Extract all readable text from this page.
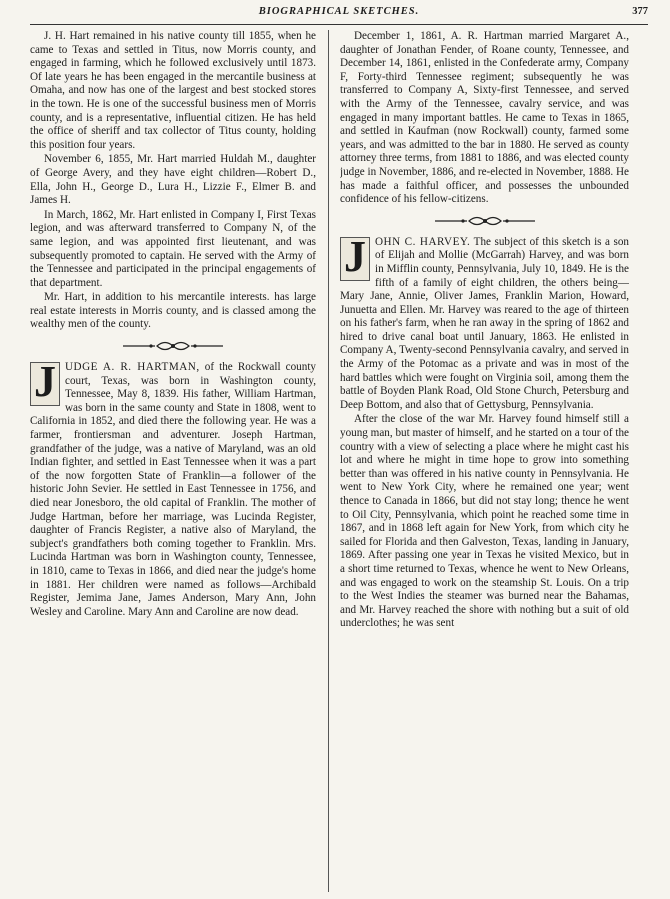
BIOGRAPHICAL SKETCHES.	377

J. H. Hart remained in his native county till 1855, when he came to Texas and settled in Titus, now Morris county, and engaged in farming, which he followed exclusively until 1873. Of late years he has been engaged in the mercantile business at Omaha, and now has one of the largest and best stocked stores in the town. He is one of the successful business men of Morris county, and is a representative, influential citizen. He has held the office of sheriff and tax collector of Titus county, holding this position four years.

November 6, 1855, Mr. Hart married Huldah M., daughter of George Avery, and they have eight children—Robert D., Ella, John H., George D., Lura H., Lizzie F., Elmer B. and James H.

In March, 1862, Mr. Hart enlisted in Company I, First Texas legion, and was afterward transferred to Company N, of the same legion, and was appointed first lieutenant, and was subsequently promoted to captain. He served with the Army of the Tennessee and participated in the principal engagements of that department.

Mr. Hart, in addition to his mercantile interests. has large real estate interests in Morris county, and is classed among the wealthy men of the county.

J UDGE A. R. HARTMAN, of the Rockwall county court, Texas, was born in Washington county, Tennessee, May 8, 1839. His father, William Hartman, was born in the same county and State in 1808, went to California in 1852, and died there the following year. He was a farmer, frontiersman and adventurer. Joseph Hartman, grandfather of the judge, was a native of Maryland, was an old Indian fighter, and settled in East Tennessee when it was a part of the now forgotten State of Franklin—a follower of the historic John Sevier. He settled in East Tennessee in 1756, and died near Jonesboro, the old capital of Franklin. The mother of Judge Hartman, before her marriage, was Lucinda Register, daughter of Francis Register, a native also of Maryland, the subject's grandfathers both coming together to Franklin. Mrs. Lucinda Hartman was born in Washington county, Tennessee, in 1810, came to Texas in 1866, and died near the judge's home in 1881. Her children were named as follows—Archibald Register, Jemima Jane, James Anderson, Mary Ann, John Wesley and Caroline. Mary Ann and Caroline are now dead.

December 1, 1861, A. R. Hartman married Margaret A., daughter of Jonathan Fender, of Roane county, Tennessee, and December 14, 1861, enlisted in the Confederate army, Company F, Forty-third Tennessee regiment; subsequently he was transferred to Company A, Sixty-first Tennessee, and served with the Army of the Tennessee, cavalry service, and was engaged in many important battles. He came to Texas in 1865, and settled in Kaufman (now Rockwall) county, farmed some years, and was admitted to the bar in 1880. He served as county attorney three terms, from 1881 to 1886, and was elected county judge in November, 1886, and re-elected in November, 1888. He has made a faithful officer, and possesses the unbounded confidence of his fellow-citizens.

J OHN C. HARVEY. The subject of this sketch is a son of Elijah and Mollie (McGarrah) Harvey, and was born in Mifflin county, Pennsylvania, July 10, 1849. He is the fifth of a family of eight children, the others being—Mary Jane, Annie, Oliver James, Franklin Marion, Howard, Junuetta and Ellen. Mr. Harvey was reared to the age of thirteen on his father's farm, when he ran away in the spring of 1862 and hired to drive canal boat until January, 1863. He enlisted in Company A, Twenty-second Pennsylvania cavalry, and served in the Army of the Potomac as a private and was in most of the hard battles which were fought on Virginia soil, among them the battle of Boyden Plank Road, Old Stone Church, Petersburg and Deep Bottom, and also that of Gettysburg, Pennsylvania.

After the close of the war Mr. Harvey found himself still a young man, but master of himself, and he started on a tour of the country with a view of selecting a place where he might cast his lot and where he might in time hope to grow into something better than was offered in his native county in Pennsylvania. He went to New York City, where he remained one year; went thence to Canada in 1866, but did not stay long; thence he went to Oil City, Pennsylvania, which point he reached some time in 1867, and in 1868 left again for New York, from which city he sailed for Florida and then Galveston, Texas, landing in January, 1869. After passing one year in Texas he visited Mexico, but in a short time returned to Texas, whence he went to New Orleans, and was engaged to work on the steamship St. Louis. On a trip to the West Indies the steamer was burned near the Bahamas, and Mr. Harvey reached the shore with nothing but a suit of old underclothes; he was sent
